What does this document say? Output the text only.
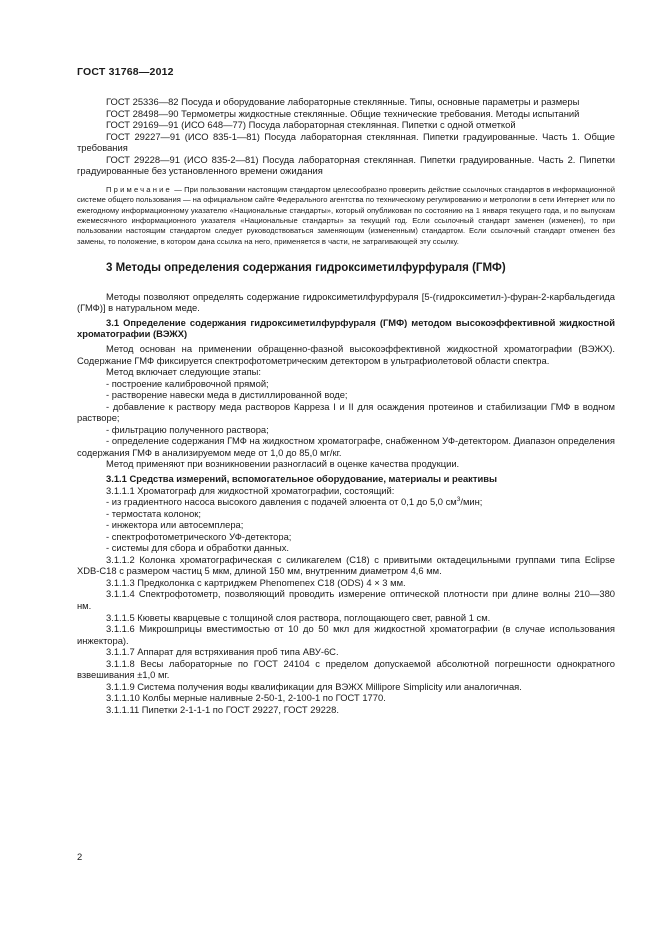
ГОСТ 31768—2012

ГОСТ 25336—82 Посуда и оборудование лабораторные стеклянные. Типы, основные параметры и размеры

ГОСТ 28498—90 Термометры жидкостные стеклянные. Общие технические требования. Методы испытаний

ГОСТ 29169—91 (ИСО 648—77) Посуда лабораторная стеклянная. Пипетки с одной отметкой

ГОСТ 29227—91 (ИСО 835-1—81) Посуда лабораторная стеклянная. Пипетки градуированные. Часть 1. Общие требования

ГОСТ 29228—91 (ИСО 835-2—81) Посуда лабораторная стеклянная. Пипетки градуированные. Часть 2. Пипетки градуированные без установленного времени ожидания

Примечание — При пользовании настоящим стандартом целесообразно проверить действие ссылочных стандартов в информационной системе общего пользования — на официальном сайте Федерального агентства по техническому регулированию и метрологии в сети Интернет или по ежегодному информационному указателю «Национальные стандарты», который опубликован по состоянию на 1 января текущего года, и по выпускам ежемесячного информационного указателя «Национальные стандарты» за текущий год. Если ссылочный стандарт заменен (изменен), то при пользовании настоящим стандартом следует руководствоваться заменяющим (измененным) стандартом. Если ссылочный стандарт отменен без замены, то положение, в котором дана ссылка на него, применяется в части, не затрагивающей эту ссылку.

3 Методы определения содержания гидроксиметилфурфураля (ГМФ)

Методы позволяют определять содержание гидроксиметилфурфураля [5-(гидроксиметил-)-фуран-2-карбальдегида (ГМФ)] в натуральном меде.

3.1 Определение содержания гидроксиметилфурфураля (ГМФ) методом высокоэффективной жидкостной хроматографии (ВЭЖХ)

Метод основан на применении обращенно-фазной высокоэффективной жидкостной хроматографии (ВЭЖХ). Содержание ГМФ фиксируется спектрофотометрическим детектором в ультрафиолетовой области спектра.

Метод включает следующие этапы:

- построение калибровочной прямой;

- растворение навески меда в дистиллированной воде;

- добавление к раствору меда растворов Карреза I и II для осаждения протеинов и стабилизации ГМФ в водном растворе;

- фильтрацию полученного раствора;

- определение содержания ГМФ на жидкостном хроматографе, снабженном УФ-детектором. Диапазон определения содержания ГМФ в анализируемом меде от 1,0 до 85,0 мг/кг.

Метод применяют при возникновении разногласий в оценке качества продукции.

3.1.1 Средства измерений, вспомогательное оборудование, материалы и реактивы

3.1.1.1 Хроматограф для жидкостной хроматографии, состоящий:

- из градиентного насоса высокого давления с подачей элюента от 0,1 до 5,0 $см^3$/мин;

- термостата колонок;

- инжектора или автосемплера;

- спектрофотометрического УФ-детектора;

- системы для сбора и обработки данных.

3.1.1.2 Колонка хроматографическая с силикагелем (С18) с привитыми октадецильными группами типа Eclipse XDB-C18 с размером частиц 5 мкм, длиной 150 мм, внутренним диаметром 4,6 мм.

3.1.1.3 Предколонка с картриджем Phenomenex C18 (ODS) 4 × 3 мм.

3.1.1.4 Спектрофотометр, позволяющий проводить измерение оптической плотности при длине волны 210—380 нм.

3.1.1.5 Кюветы кварцевые с толщиной слоя раствора, поглощающего свет, равной 1 см.

3.1.1.6 Микрошприцы вместимостью от 10 до 50 мкл для жидкостной хроматографии (в случае использования инжектора).

3.1.1.7 Аппарат для встряхивания проб типа АВУ-6С.

3.1.1.8 Весы лабораторные по ГОСТ 24104 с пределом допускаемой абсолютной погрешности однократного взвешивания ±1,0 мг.

3.1.1.9 Система получения воды квалификации для ВЭЖХ Millipore Simplicity или аналогичная.

3.1.1.10 Колбы мерные наливные 2-50-1, 2-100-1 по ГОСТ 1770.

3.1.1.11 Пипетки 2-1-1-1 по ГОСТ 29227, ГОСТ 29228.

2
